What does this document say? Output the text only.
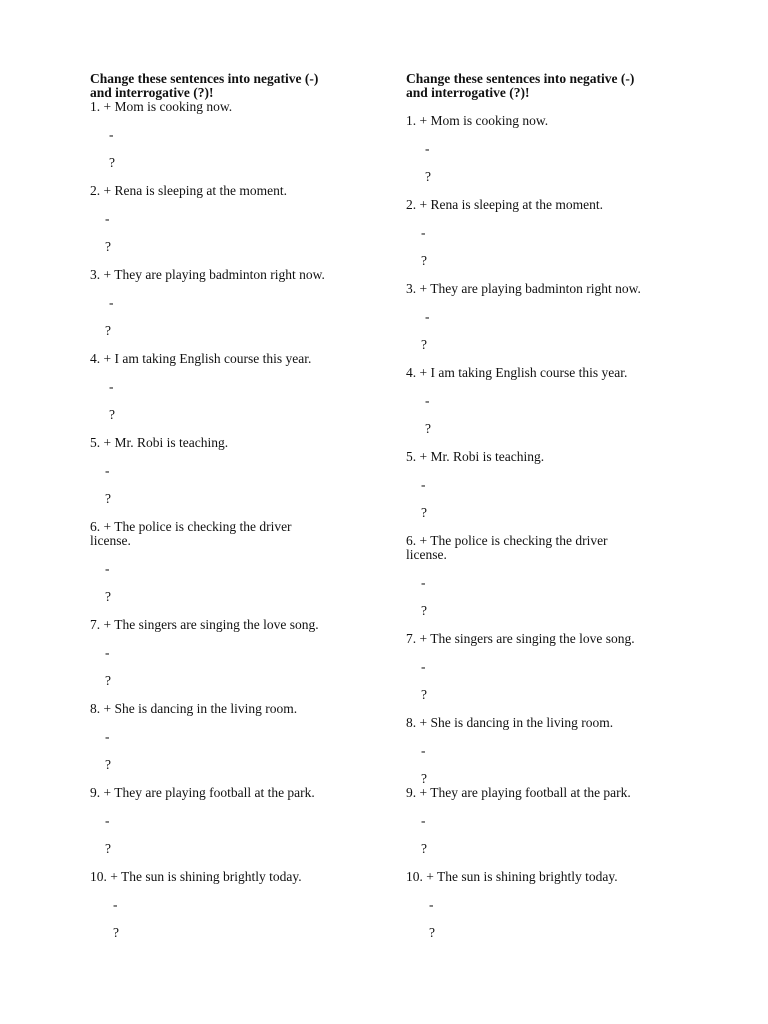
Change these sentences into negative (-)
and interrogative (?)!
1. + Mom is cooking now.
-
?
2. + Rena is sleeping at the moment.
-
?
3. + They are playing badminton right now.
-
?
4. + I am taking English course this year.
-
?
5. + Mr. Robi is teaching.
-
?
6. + The police is checking the driver
license.
-
?
7. + The singers are singing the love song.
-
?
8. + She is dancing in the living room.
-
?
9. + They are playing football at the park.
-
?
10. + The sun is shining brightly today.
-
?
Change these sentences into negative (-)
and interrogative (?)!
1. + Mom is cooking now.
-
?
2. + Rena is sleeping at the moment.
-
?
3. + They are playing badminton right now.
-
?
4. + I am taking English course this year.
-
?
5. + Mr. Robi is teaching.
-
?
6. + The police is checking the driver
license.
-
?
7. + The singers are singing the love song.
-
?
8. + She is dancing in the living room.
-
?
9. + They are playing football at the park.
-
?
10. + The sun is shining brightly today.
-
?
